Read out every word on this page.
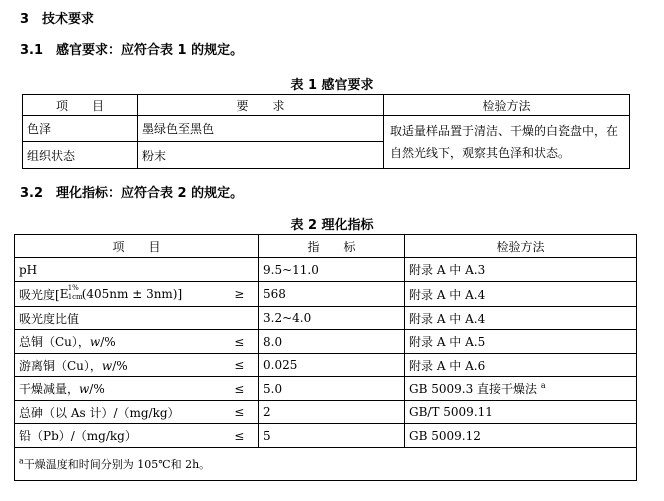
3　技术要求
3.1　感官要求：应符合表 1 的规定。
表 1 感官要求
项　　目	要　　求	检验方法
色泽	墨绿色至黑色	取适量样品置于清洁、干燥的白瓷盘中，在自然光线下，观察其色泽和状态。
组织状态	粉末	
3.2　理化指标：应符合表 2 的规定。
表 2 理化指标
项　　目		指　　标	检验方法
pH		9.5~11.0	附录 A 中 A.3

吸光度[ E 1%
1cm
(405nm ± 3nm)]	≥	568	附录 A 中 A.4
吸光度比值		3.2~4.0	附录 A 中 A.4
总铜（Cu），w/%	≤	8.0	附录 A 中 A.5
游离铜（Cu），w/%	≤	0.025	附录 A 中 A.6
干燥减量，w/%	≤	5.0	GB 5009.3 直接干燥法 $^a$
总砷（以 As 计）/（mg/kg）	≤	2	GB/T 5009.11
铅（Pb）/（mg/kg）	≤	5	GB 5009.12
$^a$干燥温度和时间分别为 105℃和 2h。			
